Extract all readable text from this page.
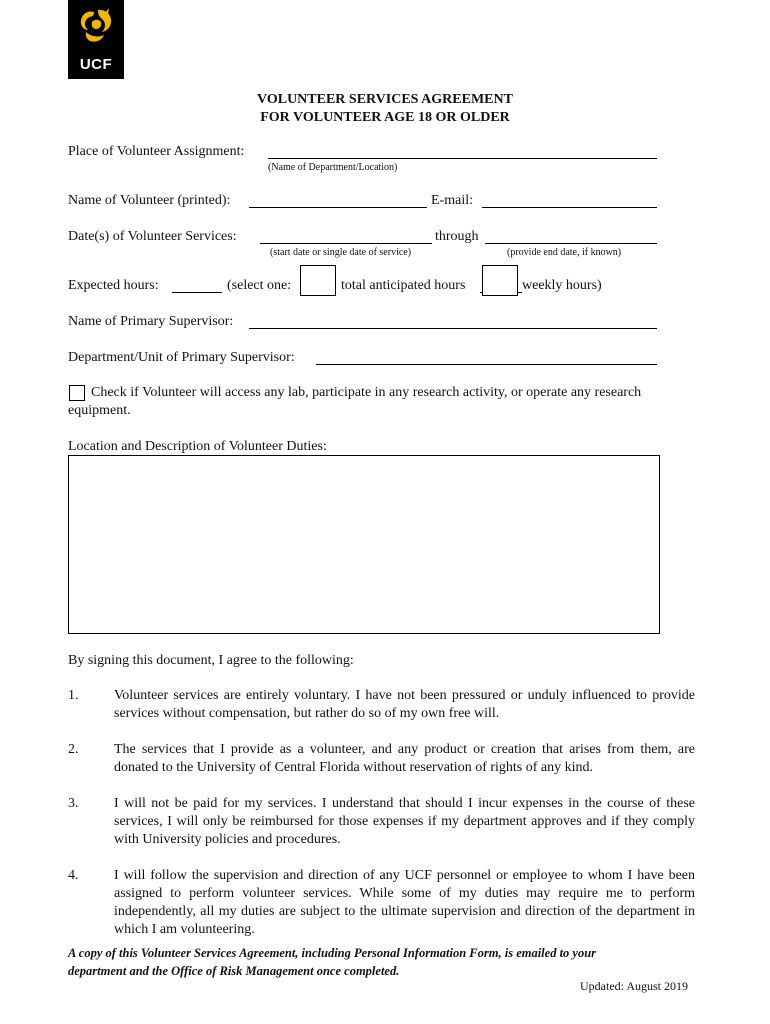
UCF
VOLUNTEER SERVICES AGREEMENT
FOR VOLUNTEER AGE 18 OR OLDER
Place of Volunteer Assignment:
(Name of Department/Location)
Name of Volunteer (printed):	E-mail:
Date(s) of Volunteer Services:
(start date or single date of service)
through
(provide end date, if known)
Expected hours:	(select one:	total anticipated hours	weekly hours)
Name of Primary Supervisor:
Department/Unit of Primary Supervisor:
Check if Volunteer will access any lab, participate in any research activity, or operate any research
equipment.
Location and Description of Volunteer Duties:
By signing this document, I agree to the following:
1.	Volunteer services are entirely voluntary. I have not been pressured or unduly influenced to provide services without compensation, but rather do so of my own free will.
2.	The services that I provide as a volunteer, and any product or creation that arises from them, are donated to the University of Central Florida without reservation of rights of any kind.
3.	I will not be paid for my services. I understand that should I incur expenses in the course of these services, I will only be reimbursed for those expenses if my department approves and if they comply with University policies and procedures.
4.	I will follow the supervision and direction of any UCF personnel or employee to whom I have been assigned to perform volunteer services. While some of my duties may require me to perform independently, all my duties are subject to the ultimate supervision and direction of the department in which I am volunteering.
A copy of this Volunteer Services Agreement, including Personal Information Form, is emailed to your
department and the Office of Risk Management once completed.
Updated: August 2019
